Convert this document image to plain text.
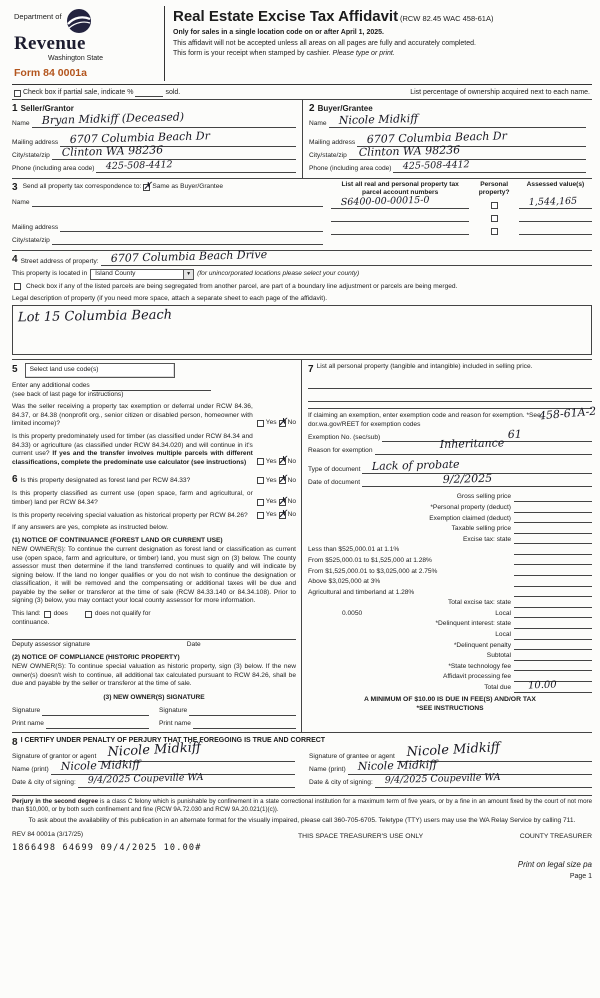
Department of
Revenue
Washington State
Form 84 0001a
Real Estate Excise Tax Affidavit (RCW 82.45 WAC 458-61A)
Only for sales in a single location code on or after April 1, 2025.
This affidavit will not be accepted unless all areas on all pages are fully and accurately completed.
This form is your receipt when stamped by cashier. Please type or print.

Check box if partial sale, indicate %	sold.	List percentage of ownership acquired next to each name.
1 Seller/Grantor
Name Bryan Midkiff (Deceased)
Mailing address 6707 Columbia Beach Dr
City/state/zip Clinton WA 98236
Phone (including area code) 425-508-4412
2 Buyer/Grantee
Name Nicole Midkiff
Mailing address 6707 Columbia Beach Dr
City/state/zip Clinton WA 98236
Phone (including area code) 425-508-4412
3 Send all property tax correspondence to: ✗ Same as Buyer/Grantee
Name
Mailing address
City/state/zip
List all real and personal property tax parcel account numbers
Personal property?
Assessed value(s)
S6400-00-00015-0	1,544,165
4 Street address of property: 6707 Columbia Beach Drive
This property is located in	Island County	▼ (for unincorporated locations please select your county)
Check box if any of the listed parcels are being segregated from another parcel, are part of a boundary line adjustment or parcels are being merged.
Legal description of property (if you need more space, attach a separate sheet to each page of the affidavit).
Lot 15 Columbia Beach
5	Select land use code(s)
Enter any additional codes
(see back of last page for instructions)
Was the seller receiving a property tax exemption or deferral under RCW 84.36, 84.37, or 84.38 (nonprofit org., senior citizen or disabled person, homeowner with limited income)?	Yes ✗ No
Is this property predominately used for timber (as classified under RCW 84.34 and 84.33) or agriculture (as classified under RCW 84.34.020) and will continue in it's current use? If yes and the transfer involves multiple parcels with different classifications, complete the predominate use calculator (see instructions)	Yes ✗ No
6 Is this property designated as forest land per RCW 84.33?	Yes ✗ No
Is this property classified as current use (open space, farm and agricultural, or timber) land per RCW 84.34?	Yes ✗ No
Is this property receiving special valuation as historical property per RCW 84.26?	Yes ✗ No
If any answers are yes, complete as instructed below.
(1) NOTICE OF CONTINUANCE (FOREST LAND OR CURRENT USE)
NEW OWNER(S): To continue the current designation as forest land or classification as current use (open space, farm and agriculture, or timber) land, you must sign on (3) below. The county assessor must then determine if the land transferred continues to qualify and will indicate by signing below. If the land no longer qualifies or you do not wish to continue the designation or classification, it will be removed and the compensating or additional taxes will be due and payable by the seller or transferor at the time of sale (RCW 84.33.140 or 84.34.108). Prior to signing (3) below, you may contact your local county assessor for more information.
This land: does	does not qualify for
continuance.
Deputy assessor signature	Date
(2) NOTICE OF COMPLIANCE (HISTORIC PROPERTY)
NEW OWNER(S): To continue special valuation as historic property, sign (3) below. If the new owner(s) doesn't wish to continue, all additional tax calculated pursuant to RCW 84.26, shall be due and payable by the seller or transferor at the time of sale.
(3) NEW OWNER(S) SIGNATURE
Signature
Print name
Signature
Print name
7 List all personal property (tangible and intangible) included in selling price.
458-61A-2
If claiming an exemption, enter exemption code and reason for exemption. *See dor.wa.gov/REET for exemption codes
Exemption No. (sec/sub)	61
Reason for exemption	Inheritance
Type of document Lack of probate
Date of document	9/2/2025
Gross selling price
*Personal property (deduct)
Exemption claimed (deduct)
Taxable selling price
Excise tax: state
Less than $525,000.01 at 1.1%
From $525,000.01 to $1,525,000 at 1.28%
From $1,525,000.01 to $3,025,000 at 2.75%
Above $3,025,000 at 3%
Agricultural and timberland at 1.28%
Total excise tax: state
0.0050	Local
*Delinquent interest: state
Local
*Delinquent penalty
Subtotal
*State technology fee
Affidavit processing fee
Total due 10.00
A MINIMUM OF $10.00 IS DUE IN FEE(S) AND/OR TAX
*SEE INSTRUCTIONS
8 I CERTIFY UNDER PENALTY OF PERJURY THAT THE FOREGOING IS TRUE AND CORRECT
Signature of grantor or agent Nicole Midkiff
Name (print) Nicole Midkiff
Date & city of signing: 9/4/2025 Coupeville WA
Signature of grantee or agent Nicole Midkiff
Name (print) Nicole Midkiff
Date & city of signing: 9/4/2025 Coupeville WA
Perjury in the second degree is a class C felony which is punishable by confinement in a state correctional institution for a maximum term of five years, or by a fine in an amount fixed by the court of not more than $10,000, or by both such confinement and fine (RCW 9A.72.030 and RCW 9A.20.021(1)(c)).
To ask about the availability of this publication in an alternate format for the visually impaired, please call 360-705-6705. Teletype (TTY) users may use the WA Relay Service by calling 711.
REV 84 0001a (3/17/25)
1866498 64699 09/4/2025 10.00#
THIS SPACE TREASURER'S USE ONLY	COUNTY TREASURER
Print on legal size pa
Page 1
